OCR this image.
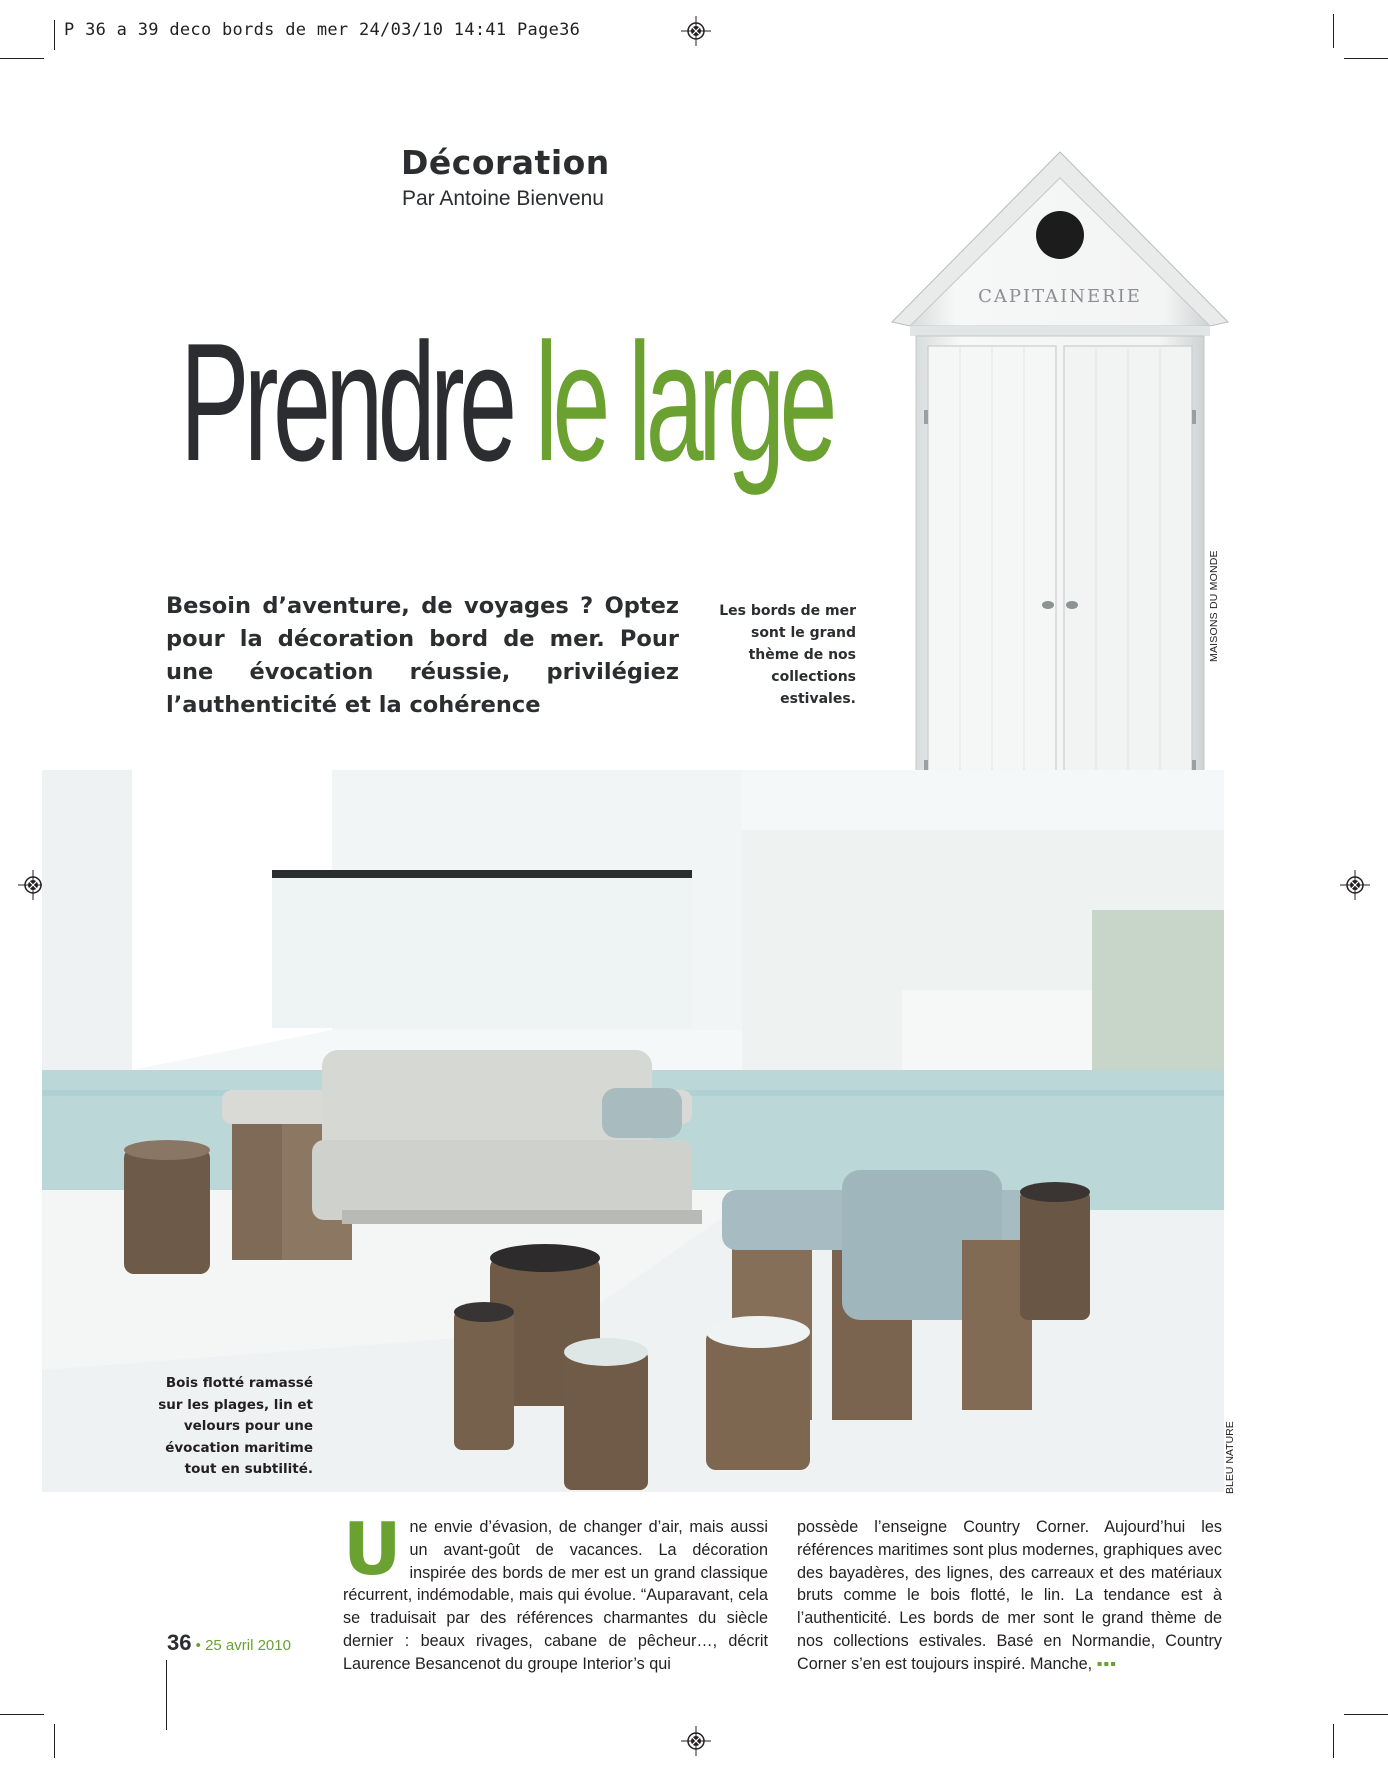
P 36 a 39 deco bords de mer 24/03/10 14:41 Page36
Décoration
Par Antoine Bienvenu
Prendre le large
Besoin d’aventure, de voyages ? Optez pour la décoration bord de mer. Pour une évocation réussie, privilégiez l’authenticité et la cohérence
Les bords de mer sont le grand thème de nos collections estivales.
CAPITAINERIE
MAISONS DU MONDE
Bois flotté ramassé sur les plages, lin et velours pour une évocation maritime tout en subtilité.	BLEU NATURE
U ne envie d’évasion, de changer d’air, mais aussi un avant-goût de vacances. La décoration inspirée des bords de mer est un grand classique récurrent, indémodable, mais qui évolue. “Auparavant, cela se traduisait par des références charmantes du siècle dernier : beaux rivages, cabane de pêcheur…, décrit Laurence Besancenot du groupe Interior’s qui
possède l’enseigne Country Corner. Aujourd’hui les références maritimes sont plus modernes, graphiques avec des bayadères, des lignes, des carreaux et des matériaux bruts comme le bois flotté, le lin. La tendance est à l’authenticité. Les bords de mer sont le grand thème de nos collections estivales. Basé en Normandie, Country Corner s’en est toujours inspiré. Manche, ▪▪▪
36 • 25 avril 2010
